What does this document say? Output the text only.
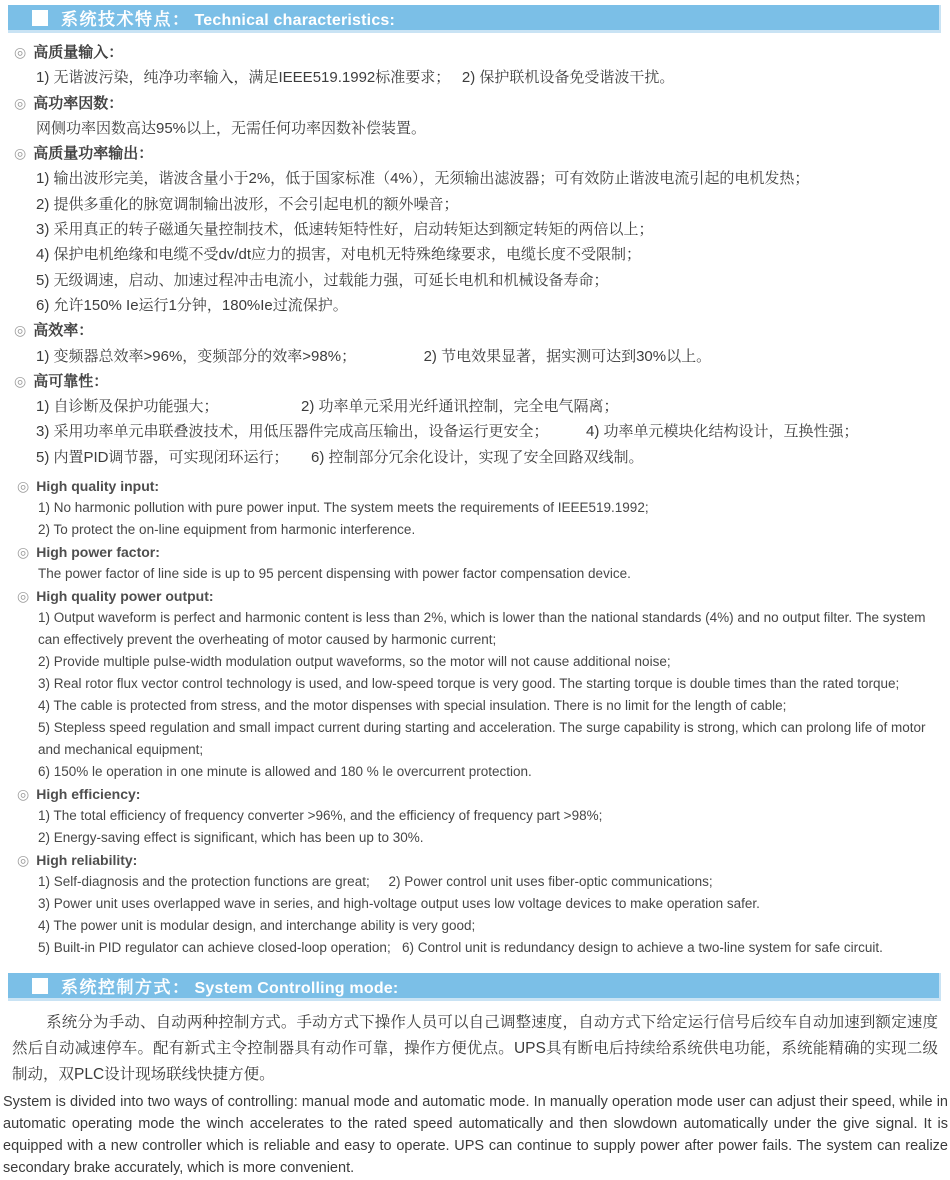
系统技术特点： Technical characteristics:
◎ 高质量输入：
1) 无谐波污染，纯净功率输入，满足IEEE519.1992标准要求；　 2) 保护联机设备免受谐波干扰。
◎ 高功率因数：
网侧功率因数高达95%以上，无需任何功率因数补偿装置。
◎ 高质量功率输出：
1) 输出波形完美，谐波含量小于2%，低于国家标准（4%），无须输出滤波器；可有效防止谐波电流引起的电机发热；
2) 提供多重化的脉宽调制输出波形，不会引起电机的额外噪音；
3) 采用真正的转子磁通矢量控制技术，低速转矩特性好，启动转矩达到额定转矩的两倍以上；
4) 保护电机绝缘和电缆不受dv/dt应力的损害，对电机无特殊绝缘要求，电缆长度不受限制；
5) 无级调速，启动、加速过程冲击电流小，过载能力强，可延长电机和机械设备寿命；
6) 允许150% Ie运行1分钟，180%Ie过流保护。
◎ 高效率：
1) 变频器总效率>96%，变频部分的效率>98%；　　　　　2) 节电效果显著，据实测可达到30%以上。
◎ 高可靠性：
1) 自诊断及保护功能强大；　　　　　　2) 功率单元采用光纤通讯控制，完全电气隔离；
3) 采用功率单元串联叠波技术，用低压器件完成高压输出，设备运行更安全；　　　4) 功率单元模块化结构设计，互换性强；
5) 内置PID调节器，可实现闭环运行；　　6) 控制部分冗余化设计，实现了安全回路双线制。
◎ High quality input:
1) No harmonic pollution with pure power input. The system meets the requirements of IEEE519.1992;
2) To protect the on-line equipment from harmonic interference.
◎ High power factor:
The power factor of line side is up to 95 percent dispensing with power factor compensation device.
◎ High quality power output:
1) Output waveform is perfect and harmonic content is less than 2%, which is lower than the national standards (4%) and no output filter. The system can effectively prevent the overheating of motor caused by harmonic current;
2) Provide multiple pulse-width modulation output waveforms, so the motor will not cause additional noise;
3) Real rotor flux vector control technology is used, and low-speed torque is very good. The starting torque is double times than the rated torque;
4) The cable is protected from stress, and the motor dispenses with special insulation. There is no limit for the length of cable;
5) Stepless speed regulation and small impact current during starting and acceleration. The surge capability is strong, which can prolong life of motor and mechanical equipment;
6) 150% le operation in one minute is allowed and 180 % le overcurrent protection.
◎ High efficiency:
1) The total efficiency of frequency converter >96%, and the efficiency of frequency part >98%;
2) Energy-saving effect is significant, which has been up to 30%.
◎ High reliability:
1) Self-diagnosis and the protection functions are great;     2) Power control unit uses fiber-optic communications;
3) Power unit uses overlapped wave in series, and high-voltage output uses low voltage devices to make operation safer.
4) The power unit is modular design, and interchange ability is very good;
5) Built-in PID regulator can achieve closed-loop operation;   6) Control unit is redundancy design to achieve a two-line system for safe circuit.
系统控制方式： System Controlling mode:
系统分为手动、自动两种控制方式。手动方式下操作人员可以自己调整速度，自动方式下给定运行信号后绞车自动加速到额定速度然后自动减速停车。配有新式主令控制器具有动作可靠，操作方便优点。UPS具有断电后持续给系统供电功能，系统能精确的实现二级制动，双PLC设计现场联线快捷方便。
System is divided into two ways of controlling: manual mode and automatic mode. In manually operation mode user can adjust their speed, while in automatic operating mode the winch accelerates to the rated speed automatically and then slowdown automatically under the give signal. It is equipped with a new controller which is reliable and easy to operate. UPS can continue to supply power after power fails. The system can realize secondary brake accurately, which is more convenient.
